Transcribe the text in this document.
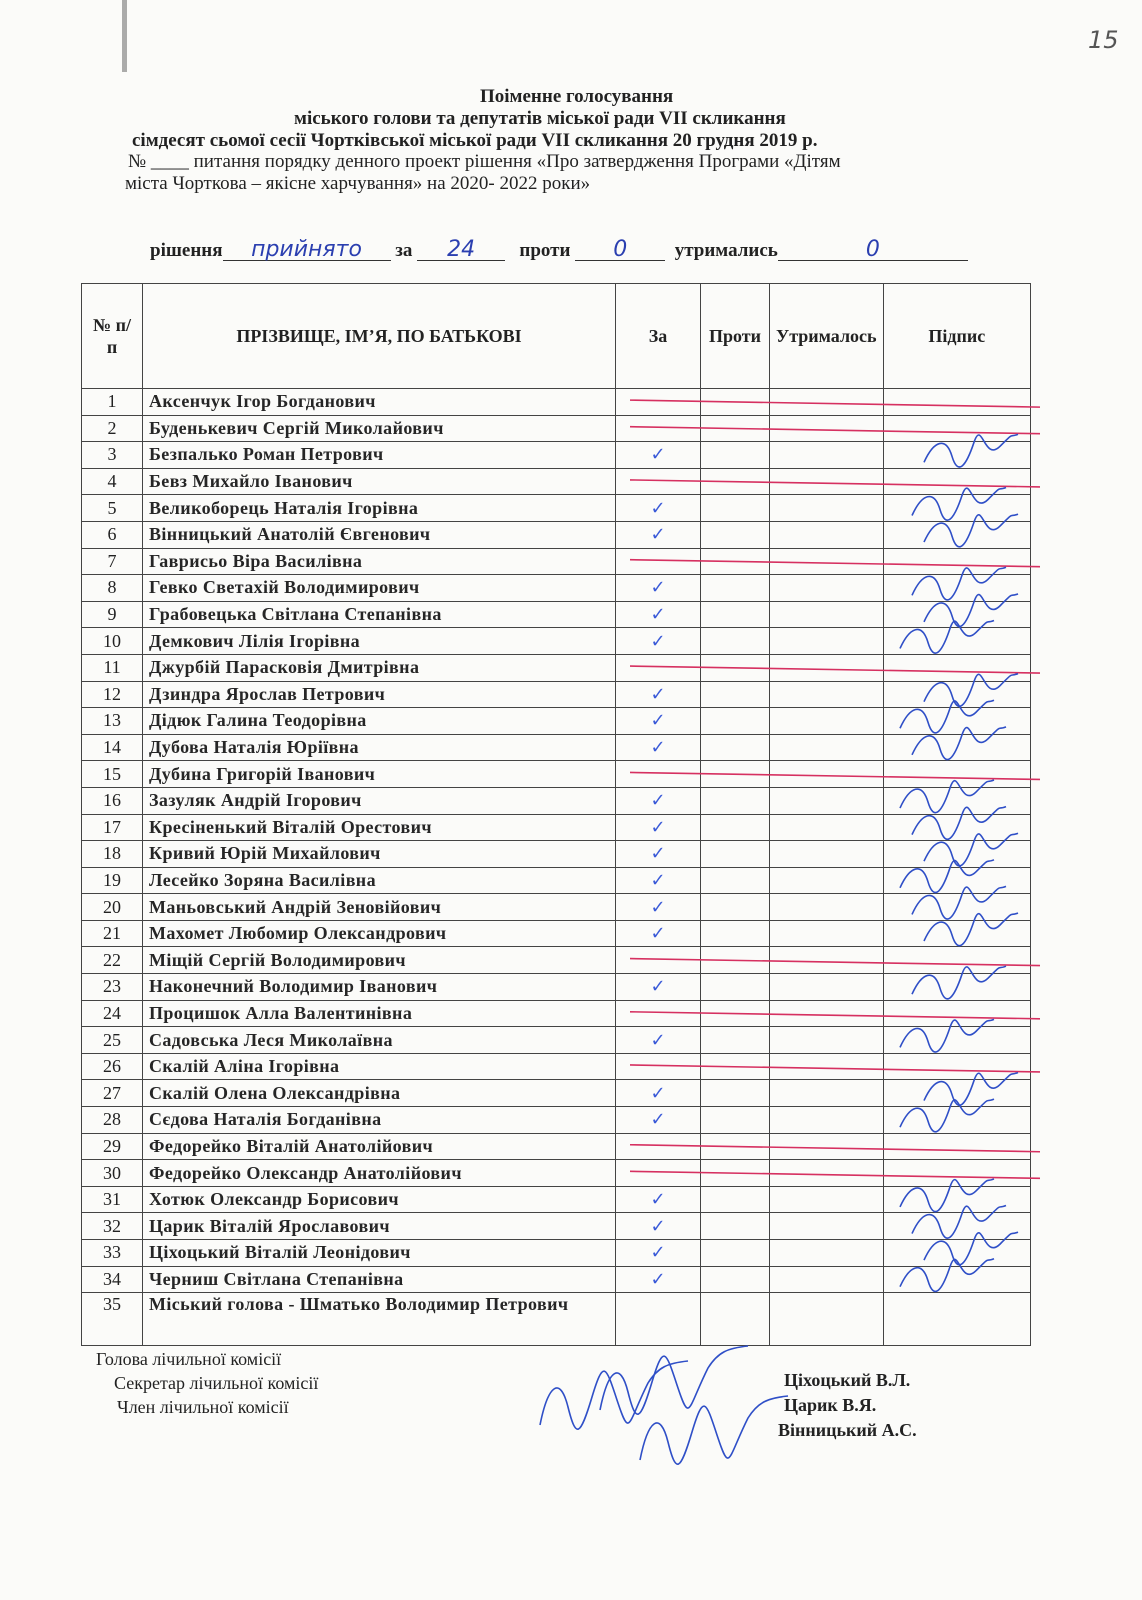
15
Поіменне голосування
міського голови та депутатів міської ради VII скликання
сімдесят сьомої сесії Чортківської міської ради VII скликання 20 грудня 2019 р.
№ ____ питання порядку денного проект рішення «Про затвердження Програми «Дітям
міста Чорткова – якісне харчування» на 2020- 2022 роки»
рішення прийнято за 24 проти 0	утримались	0
№ п/п	ПРІЗВИЩЕ, ІМ’Я, ПО БАТЬКОВІ	За	Проти	Утрималось	Підпис
1	Аксенчук Ігор Богданович				
2	Буденькевич Сергій Миколайович				
3	Безпалько Роман Петрович	✓			
4	Бевз Михайло Іванович				
5	Великоборець Наталія Ігорівна	✓			
6	Вінницький Анатолій Євгенович	✓			
7	Гаврисьо Віра Василівна				
8	Гевко Светахій Володимирович	✓			
9	Грабовецька Світлана Степанівна	✓			
10	Демкович Лілія Ігорівна	✓			
11	Джурбій Парасковія Дмитрівна				
12	Дзиндра Ярослав Петрович	✓			
13	Дідюк Галина Теодорівна	✓			
14	Дубова Наталія Юріївна	✓			
15	Дубина Григорій Іванович				
16	Зазуляк Андрій Ігорович	✓			
17	Кресіненький Віталій Орестович	✓			
18	Кривий Юрій Михайлович	✓			
19	Лесейко Зоряна Василівна	✓			
20	Маньовський Андрій Зеновійович	✓			
21	Махомет Любомир Олександрович	✓			
22	Міщій Сергій Володимирович				
23	Наконечний Володимир Іванович	✓			
24	Процишок Алла Валентинівна				
25	Садовська Леся Миколаївна	✓			
26	Скалій Аліна Ігорівна				
27	Скалій Олена Олександрівна	✓			
28	Сєдова Наталія Богданівна	✓			
29	Федорейко Віталій Анатолійович				
30	Федорейко Олександр Анатолійович				
31	Хотюк Олександр Борисович	✓			
32	Царик Віталій Ярославович	✓			
33	Ціхоцький Віталій Леонідович	✓			
34	Черниш Світлана Степанівна	✓			
35	Міський голова - Шматько Володимир Петрович				
Голова лічильної комісії
Секретар лічильної комісії
Член лічильної комісії
Ціхоцький В.Л.
Царик В.Я.
Вінницький А.С.
